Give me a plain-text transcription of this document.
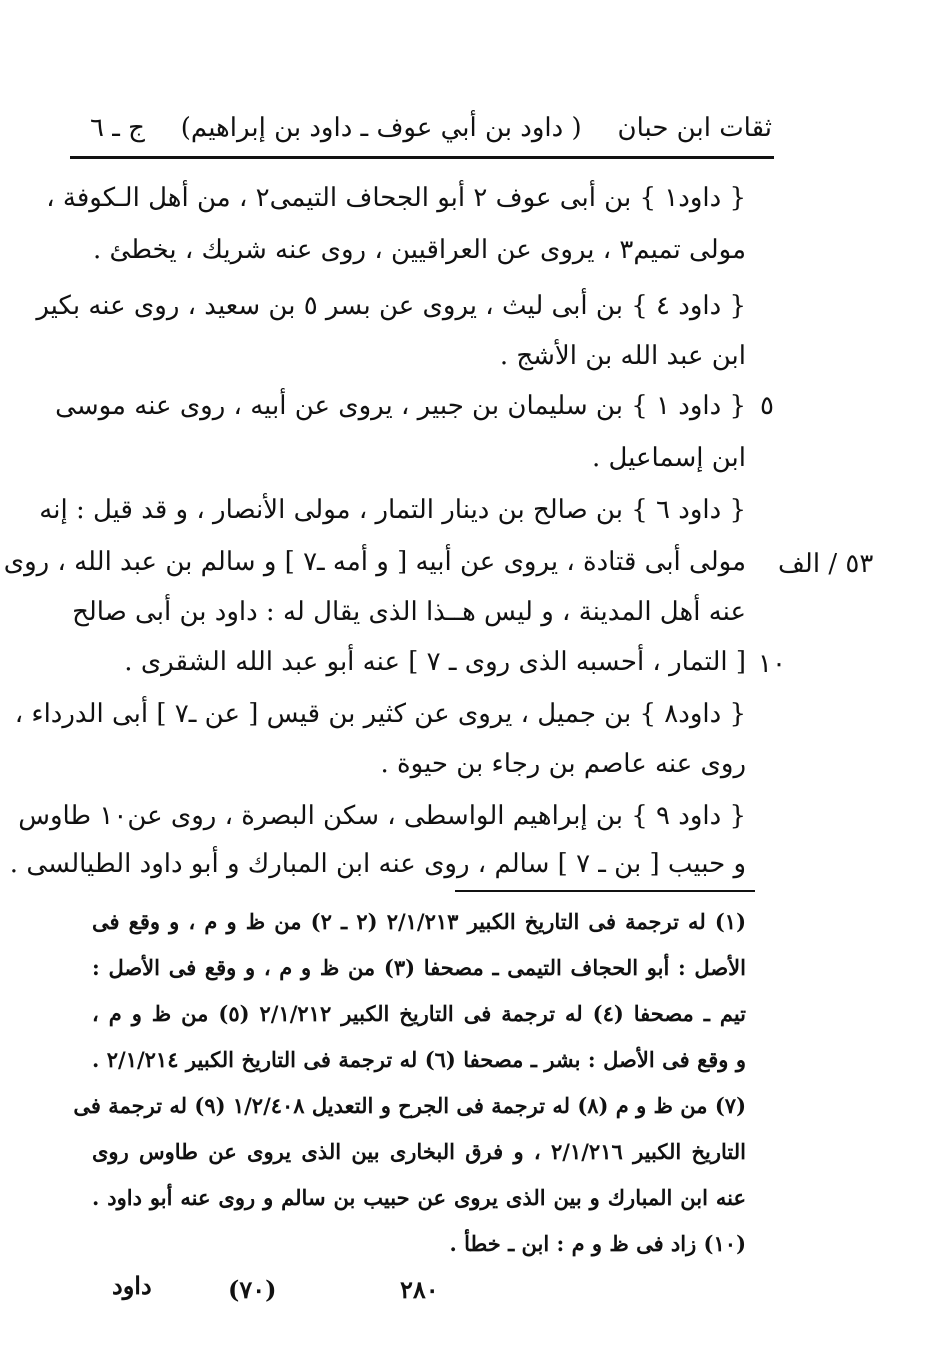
ثقات ابن حبان
( داود بن أبي عوف ـ داود بن إبراهيم)
ج ـ ٦
{ داود١ } بن أبى عوف ٢ أبو الجحاف التيمى٢ ، من أهل الـكوفة ،
مولى تميم٣ ، يروى عن العراقيين ، روى عنه شريك ، يخطئ .
{ داود ٤ } بن أبى ليث ، يروى عن بسر ٥ بن سعيد ، روى عنه بكير
ابن عبد الله بن الأشج .
{ داود ١ } بن سليمان بن جبير ، يروى عن أبيه ، روى عنه موسى
ابن إسماعيل .
{ داود ٦ } بن صالح بن دينار التمار ، مولى الأنصار ، و قد قيل : إنه
مولى أبى قتادة ، يروى عن أبيه [ و أمه ـ٧ ] و سالم بن عبد الله ، روى
عنه أهل المدينة ، و ليس هــذا الذى يقال له : داود بن أبى صالح
[ التمار ، أحسبه الذى روى ـ ٧ ] عنه أبو عبد الله الشقرى .
{ داود٨ } بن جميل ، يروى عن كثير بن قيس [ عن ـ٧ ] أبى الدرداء ،
روى عنه عاصم بن رجاء بن حيوة .
{ داود ٩ } بن إبراهيم الواسطى ، سكن البصرة ، روى عن١٠ طاوس
و حبيب [ بن ـ ٧ ] سالم ، روى عنه ابن المبارك و أبو داود الطيالسى .
٥
٥٣ / الف
١٠
(١) له ترجمة فى التاريخ الكبير ٢/١/٢١٣ (٢ ـ ٢) من ظ و م ، و وقع فى
الأصل : أبو الحجاف التيمى ـ مصحفا (٣) من ظ و م ، و وقع فى الأصل :
تيم ـ مصحفا (٤) له ترجمة فى التاريخ الكبير ٢/١/٢١٢ (٥) من ظ و م ،
و وقع فى الأصل : بشر ـ مصحفا (٦) له ترجمة فى التاريخ الكبير ٢/١/٢١٤ .
(٧) من ظ و م (٨) له ترجمة فى الجرح و التعديل ١/٢/٤٠٨ (٩) له ترجمة فى
التاريخ الكبير ٢/١/٢١٦ ، و فرق البخارى بين الذى يروى عن طاوس روى
عنه ابن المبارك و بين الذى يروى عن حبيب بن سالم و روى عنه أبو داود .
(١٠) زاد فى ظ و م : ابن ـ خطأ .
٢٨٠
(٧٠)
داود
